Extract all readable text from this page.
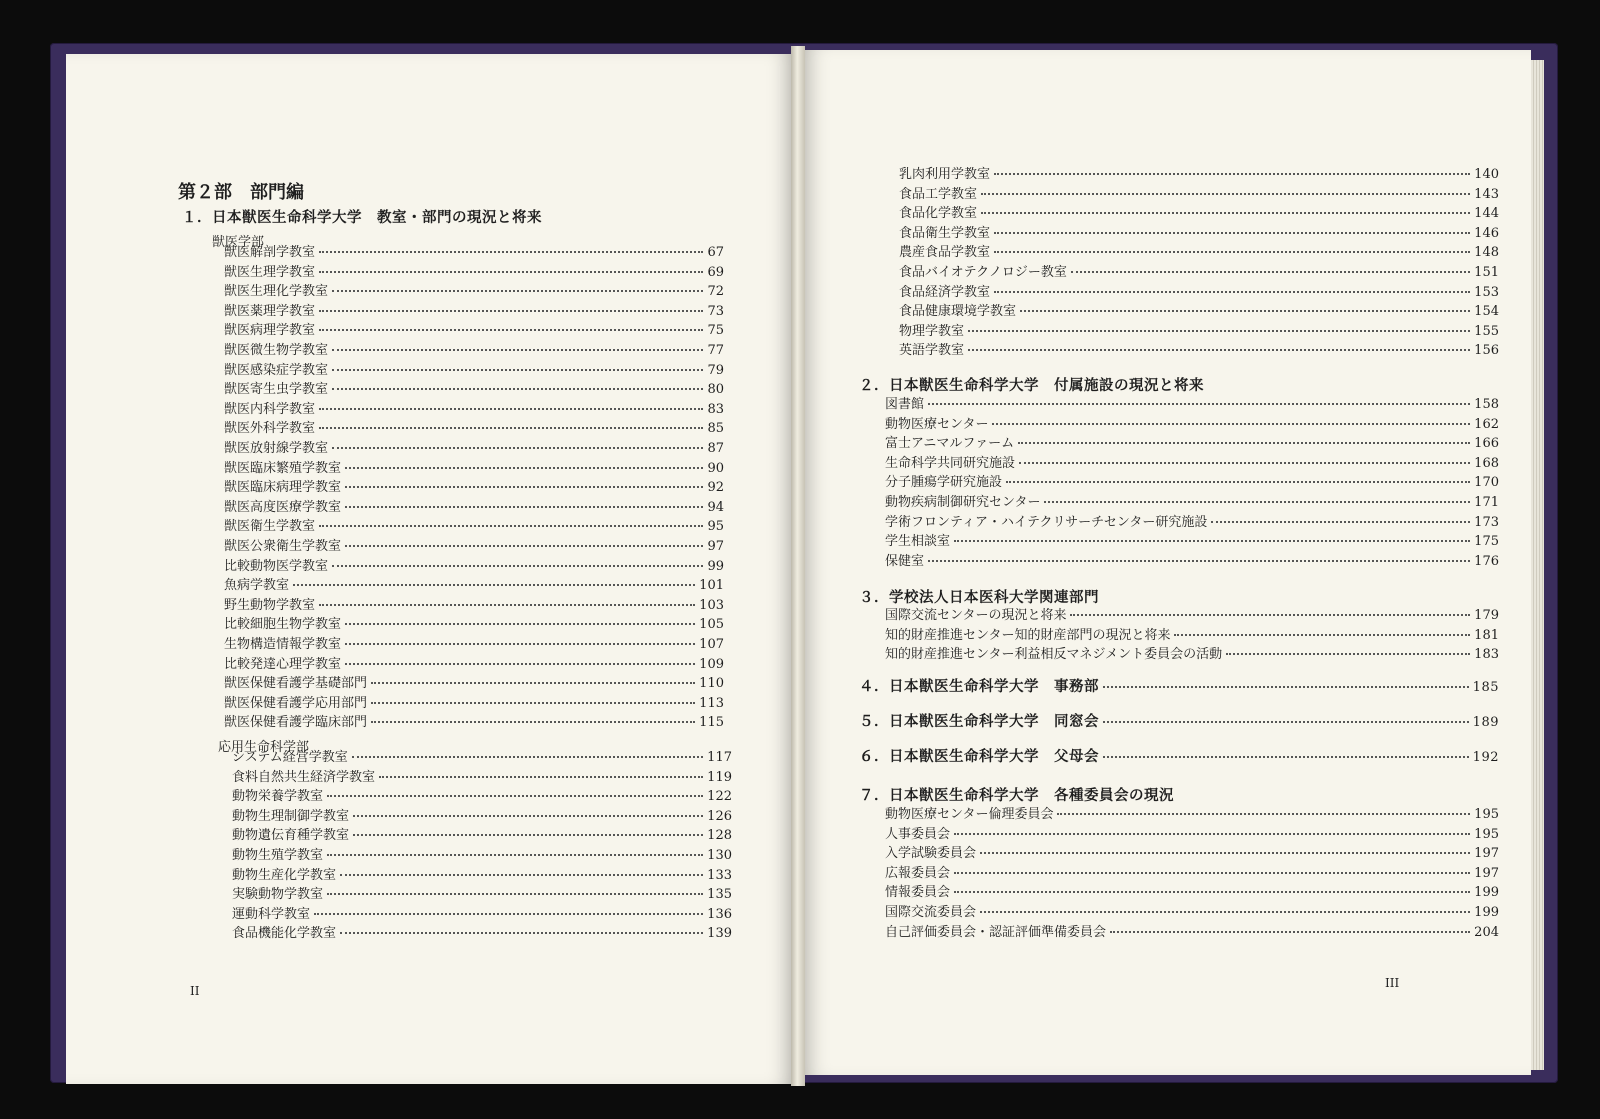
第２部　部門編
１．日本獣医生命科学大学　教室・部門の現況と将来
獣医学部
獣医解剖学教室	67
獣医生理学教室	69
獣医生理化学教室	72
獣医薬理学教室	73
獣医病理学教室	75
獣医微生物学教室	77
獣医感染症学教室	79
獣医寄生虫学教室	80
獣医内科学教室	83
獣医外科学教室	85
獣医放射線学教室	87
獣医臨床繁殖学教室	90
獣医臨床病理学教室	92
獣医高度医療学教室	94
獣医衛生学教室	95
獣医公衆衛生学教室	97
比較動物医学教室	99
魚病学教室	101
野生動物学教室	103
比較細胞生物学教室	105
生物構造情報学教室	107
比較発達心理学教室	109
獣医保健看護学基礎部門	110
獣医保健看護学応用部門	113
獣医保健看護学臨床部門	115
応用生命科学部
システム経営学教室	117
食料自然共生経済学教室	119
動物栄養学教室	122
動物生理制御学教室	126
動物遺伝育種学教室	128
動物生殖学教室	130
動物生産化学教室	133
実験動物学教室	135
運動科学教室	136
食品機能化学教室	139
II
乳肉利用学教室	140
食品工学教室	143
食品化学教室	144
食品衛生学教室	146
農産食品学教室	148
食品バイオテクノロジー教室	151
食品経済学教室	153
食品健康環境学教室	154
物理学教室	155
英語学教室	156
２．日本獣医生命科学大学　付属施設の現況と将来
図書館	158
動物医療センター	162
富士アニマルファーム	166
生命科学共同研究施設	168
分子腫瘍学研究施設	170
動物疾病制御研究センター	171
学術フロンティア・ハイテクリサーチセンター研究施設	173
学生相談室	175
保健室	176
３．学校法人日本医科大学関連部門
国際交流センターの現況と将来	179
知的財産推進センター知的財産部門の現況と将来	181
知的財産推進センター利益相反マネジメント委員会の活動	183
４．日本獣医生命科学大学　事務部	185
５．日本獣医生命科学大学　同窓会	189
６．日本獣医生命科学大学　父母会	192
７．日本獣医生命科学大学　各種委員会の現況
動物医療センター倫理委員会	195
人事委員会	195
入学試験委員会	197
広報委員会	197
情報委員会	199
国際交流委員会	199
自己評価委員会・認証評価準備委員会	204
III
